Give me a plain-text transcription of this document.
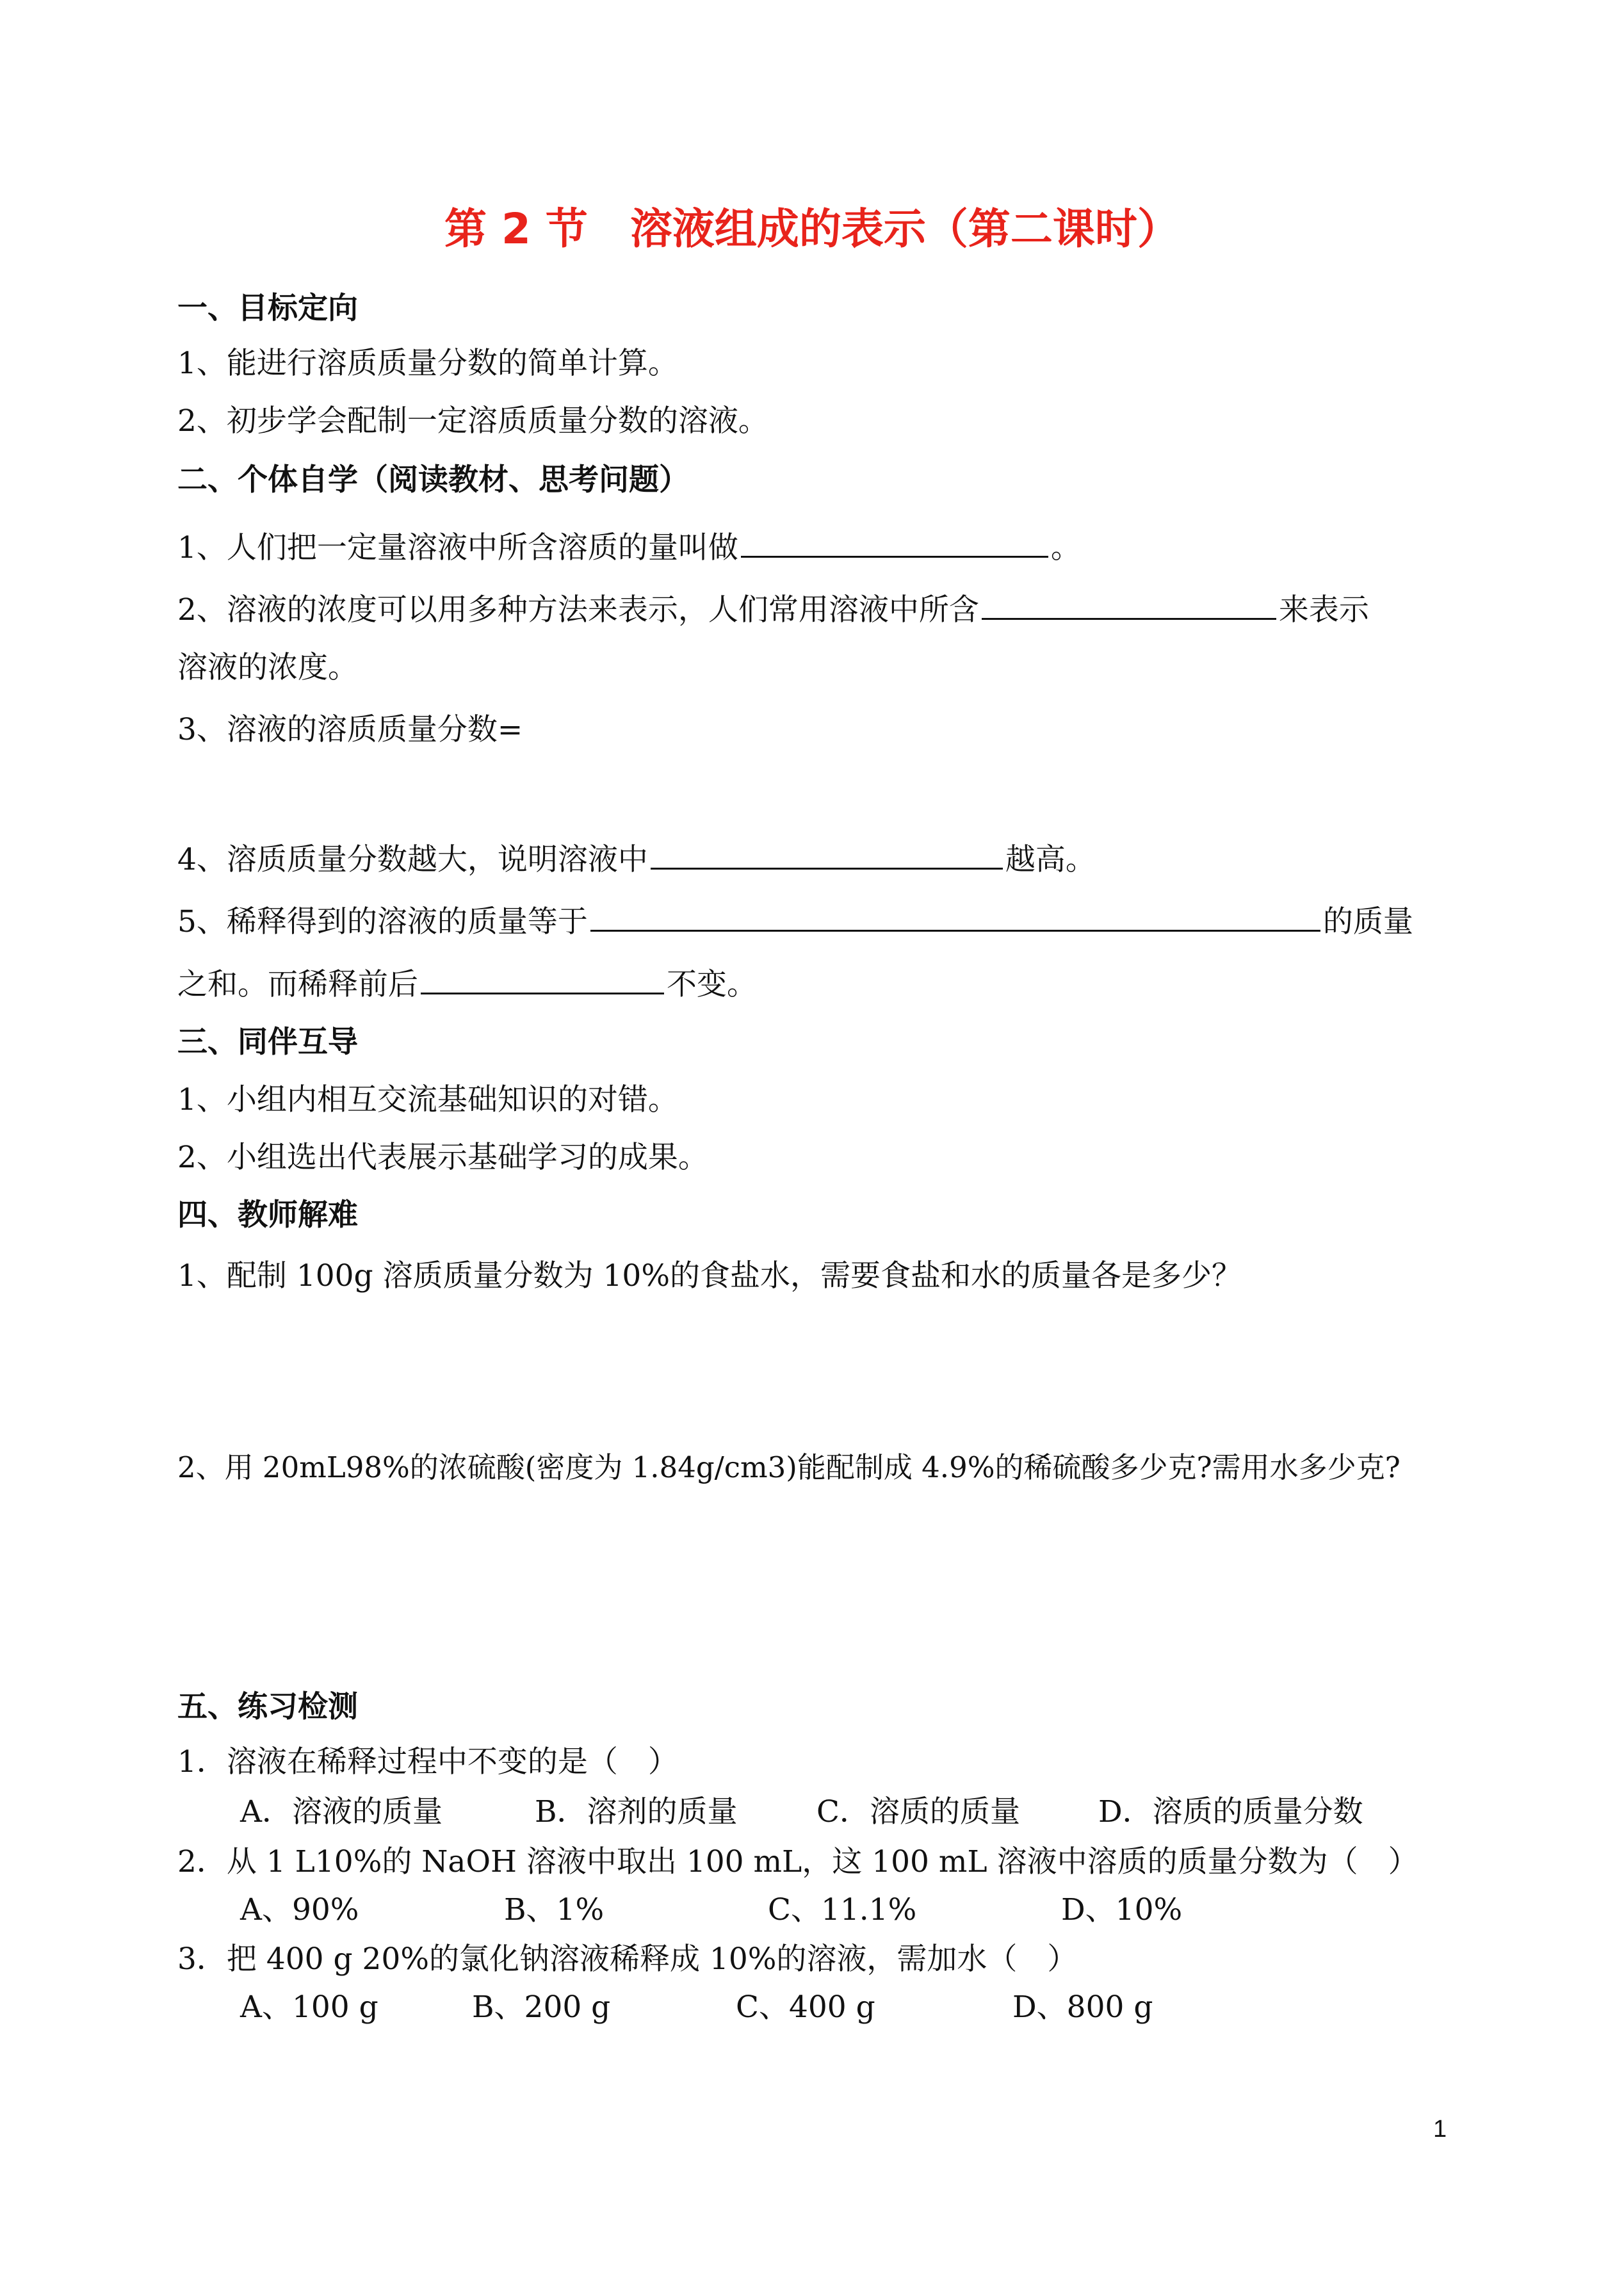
第 2 节　溶液组成的表示（第二课时）
一、目标定向
1、能进行溶质质量分数的简单计算。
2、初步学会配制一定溶质质量分数的溶液。
二、个体自学（阅读教材、思考问题）
1、人们把一定量溶液中所含溶质的量叫做	。
2、溶液的浓度可以用多种方法来表示，人们常用溶液中所含	来表示
溶液的浓度。
3、溶液的溶质质量分数=
4、溶质质量分数越大，说明溶液中	越高。
5、稀释得到的溶液的质量等于	的质量
之和。而稀释前后	不变。
三、同伴互导
1、小组内相互交流基础知识的对错。
2、小组选出代表展示基础学习的成果。
四、教师解难
1、配制 100g 溶质质量分数为 10%的食盐水，需要食盐和水的质量各是多少？
2、用 20mL98%的浓硫酸(密度为 1.84g/cm3)能配制成 4.9%的稀硫酸多少克?需用水多少克?
五、练习检测
1．溶液在稀释过程中不变的是（　）
A．溶液的质量	B．溶剂的质量	C．溶质的质量	D．溶质的质量分数
2．从 1 L10%的 NaOH 溶液中取出 100 mL，这 100 mL 溶液中溶质的质量分数为（　）
A、90%	B、1%	C、11.1%	D、10%
3．把 400 g 20%的氯化钠溶液稀释成 10%的溶液，需加水（　）
A、100 g	B、200 g	C、400 g	D、800 g
1
